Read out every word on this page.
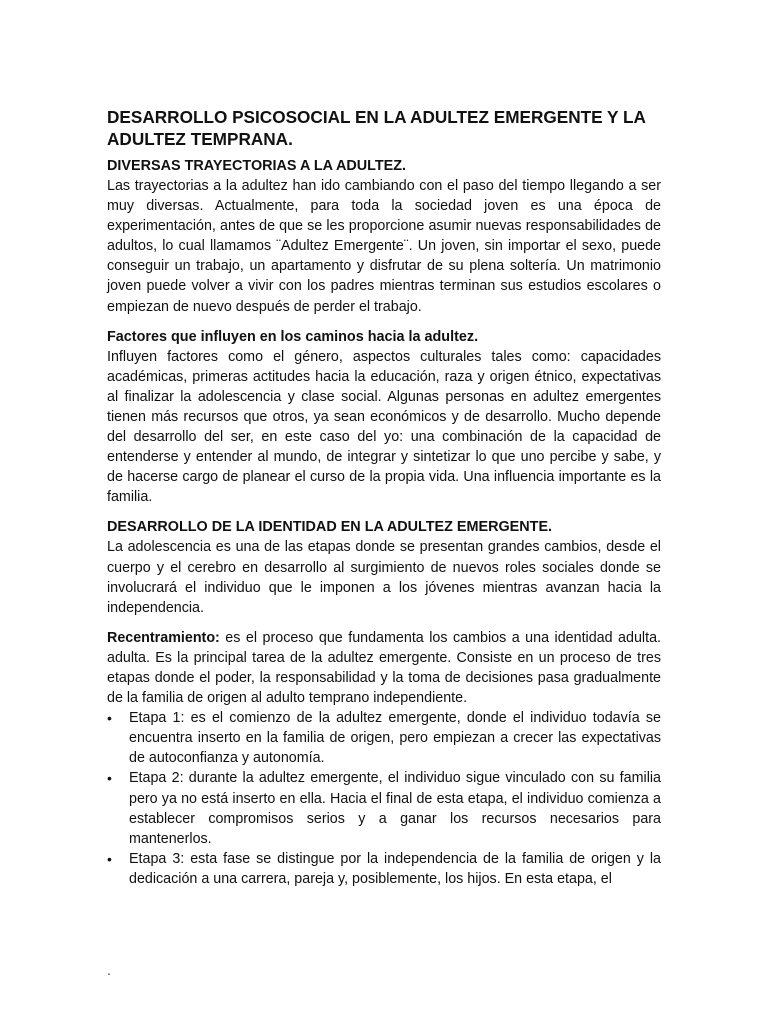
DESARROLLO PSICOSOCIAL EN LA ADULTEZ EMERGENTE Y LA ADULTEZ TEMPRANA.
DIVERSAS TRAYECTORIAS A LA ADULTEZ.

Las trayectorias a la adultez han ido cambiando con el paso del tiempo llegando a ser muy diversas. Actualmente, para toda la sociedad joven es una época de experimentación, antes de que se les proporcione asumir nuevas responsabilidades de adultos, lo cual llamamos ¨Adultez Emergente¨. Un joven, sin importar el sexo, puede conseguir un trabajo, un apartamento y disfrutar de su plena soltería. Un matrimonio joven puede volver a vivir con los padres mientras terminan sus estudios escolares o empiezan de nuevo después de perder el trabajo.

Factores que influyen en los caminos hacia la adultez.

Influyen factores como el género, aspectos culturales tales como: capacidades académicas, primeras actitudes hacia la educación, raza y origen étnico, expectativas al finalizar la adolescencia y clase social. Algunas personas en adultez emergentes tienen más recursos que otros, ya sean económicos y de desarrollo. Mucho depende del desarrollo del ser, en este caso del yo: una combinación de la capacidad de entenderse y entender al mundo, de integrar y sintetizar lo que uno percibe y sabe, y de hacerse cargo de planear el curso de la propia vida. Una influencia importante es la familia.

DESARROLLO DE LA IDENTIDAD EN LA ADULTEZ EMERGENTE.

La adolescencia es una de las etapas donde se presentan grandes cambios, desde el cuerpo y el cerebro en desarrollo al surgimiento de nuevos roles sociales donde se involucrará el individuo que le imponen a los jóvenes mientras avanzan hacia la independencia.

Recentramiento: es el proceso que fundamenta los cambios a una identidad adulta. adulta. Es la principal tarea de la adultez emergente. Consiste en un proceso de tres etapas donde el poder, la responsabilidad y la toma de decisiones pasa gradualmente de la familia de origen al adulto temprano independiente.

• Etapa 1: es el comienzo de la adultez emergente, donde el individuo todavía se encuentra inserto en la familia de origen, pero empiezan a crecer las expectativas de autoconfianza y autonomía.
• Etapa 2: durante la adultez emergente, el individuo sigue vinculado con su familia pero ya no está inserto en ella. Hacia el final de esta etapa, el individuo comienza a establecer compromisos serios y a ganar los recursos necesarios para mantenerlos.
• Etapa 3: esta fase se distingue por la independencia de la familia de origen y la dedicación a una carrera, pareja y, posiblemente, los hijos. En esta etapa, el
.
